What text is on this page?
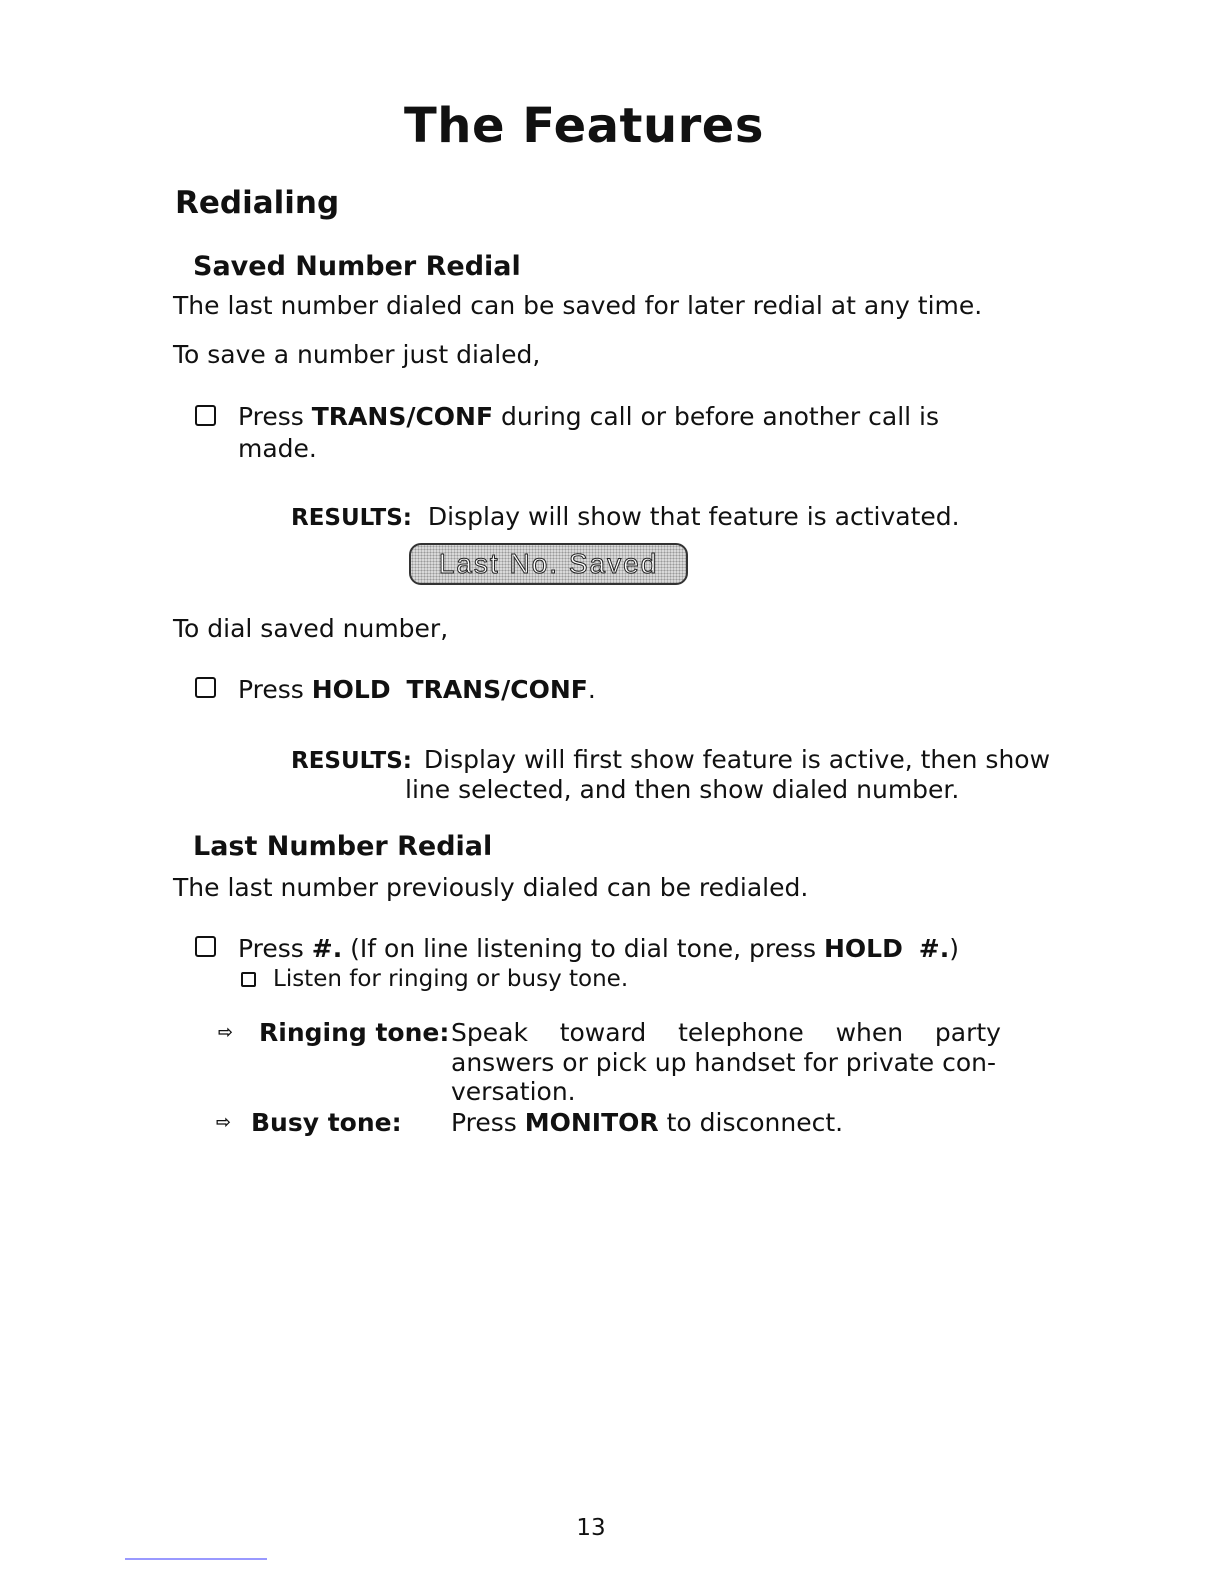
The Features
Redialing
Saved Number Redial
The last number dialed can be saved for later redial at any time.
To save a number just dialed,
Press TRANS/CONF during call or before another call is
made.
RESULTS: Display will show that feature is activated.
Last No. Saved
To dial saved number,
Press HOLD TRANS/CONF.
RESULTS: Display will first show feature is active, then show
line selected, and then show dialed number.
Last Number Redial
The last number previously dialed can be redialed.
Press #. (If on line listening to dial tone, press HOLD #.)
Listen for ringing or busy tone.
⇨ Ringing tone: Speak    toward    telephone    when    party
answers or pick up handset for private con-
versation.
⇨ Busy tone: Press MONITOR to disconnect.
13
